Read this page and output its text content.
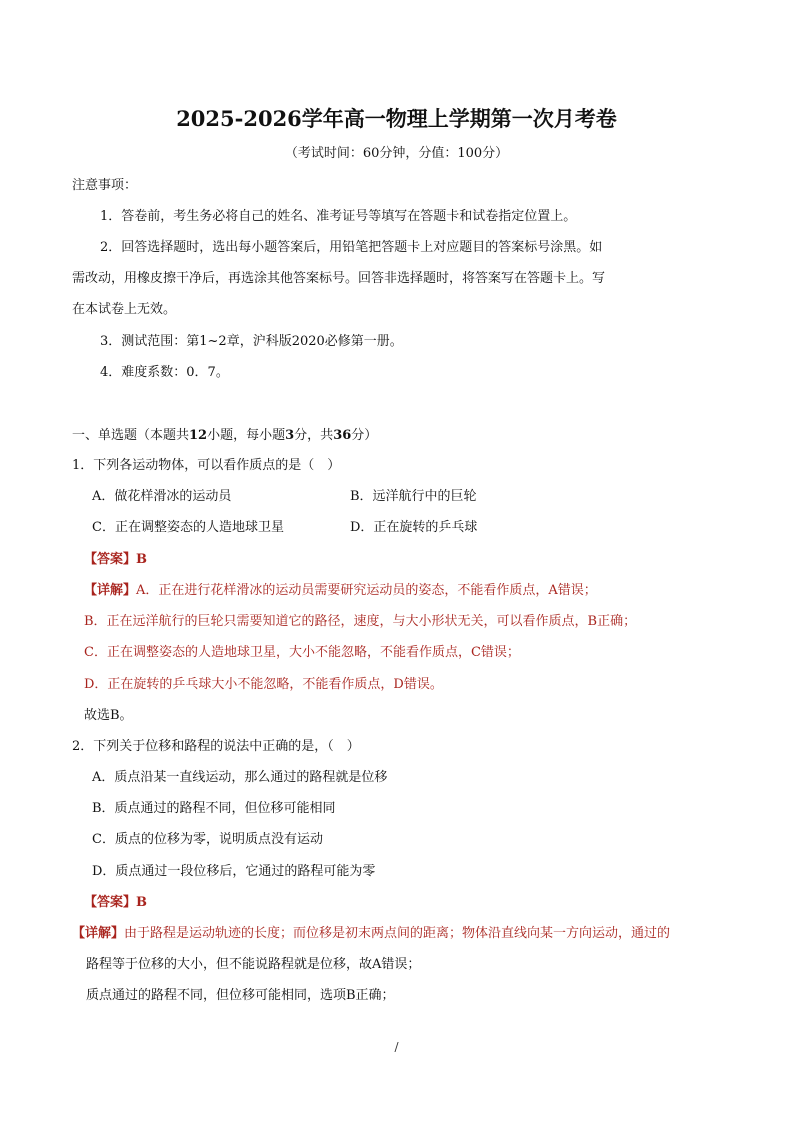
2025-2026学年高一物理上学期第一次月考卷
（考试时间：60分钟，分值：100分）
注意事项：
1．答卷前，考生务必将自己的姓名、准考证号等填写在答题卡和试卷指定位置上。
2．回答选择题时，选出每小题答案后，用铅笔把答题卡上对应题目的答案标号涂黑。如
需改动，用橡皮擦干净后，再选涂其他答案标号。回答非选择题时，将答案写在答题卡上。写
在本试卷上无效。
3．测试范围：第1~2章，沪科版2020必修第一册。
4．难度系数：0．7。
一、单选题（本题共12小题，每小题3分，共36分）
1．下列各运动物体，可以看作质点的是（　）
A．做花样滑冰的运动员	B．远洋航行中的巨轮
C．正在调整姿态的人造地球卫星	D．正在旋转的乒乓球
【答案】B
【详解】A．正在进行花样滑冰的运动员需要研究运动员的姿态，不能看作质点，A错误；
B．正在远洋航行的巨轮只需要知道它的路径，速度，与大小形状无关，可以看作质点，B正确；
C．正在调整姿态的人造地球卫星，大小不能忽略，不能看作质点，C错误；
D．正在旋转的乒乓球大小不能忽略，不能看作质点，D错误。
故选B。
2．下列关于位移和路程的说法中正确的是，（　）
A．质点沿某一直线运动，那么通过的路程就是位移
B．质点通过的路程不同，但位移可能相同
C．质点的位移为零，说明质点没有运动
D．质点通过一段位移后，它通过的路程可能为零
【答案】B
【详解】由于路程是运动轨迹的长度；而位移是初末两点间的距离；物体沿直线向某一方向运动，通过的
路程等于位移的大小，但不能说路程就是位移，故A错误；
质点通过的路程不同，但位移可能相同，选项B正确；
/
